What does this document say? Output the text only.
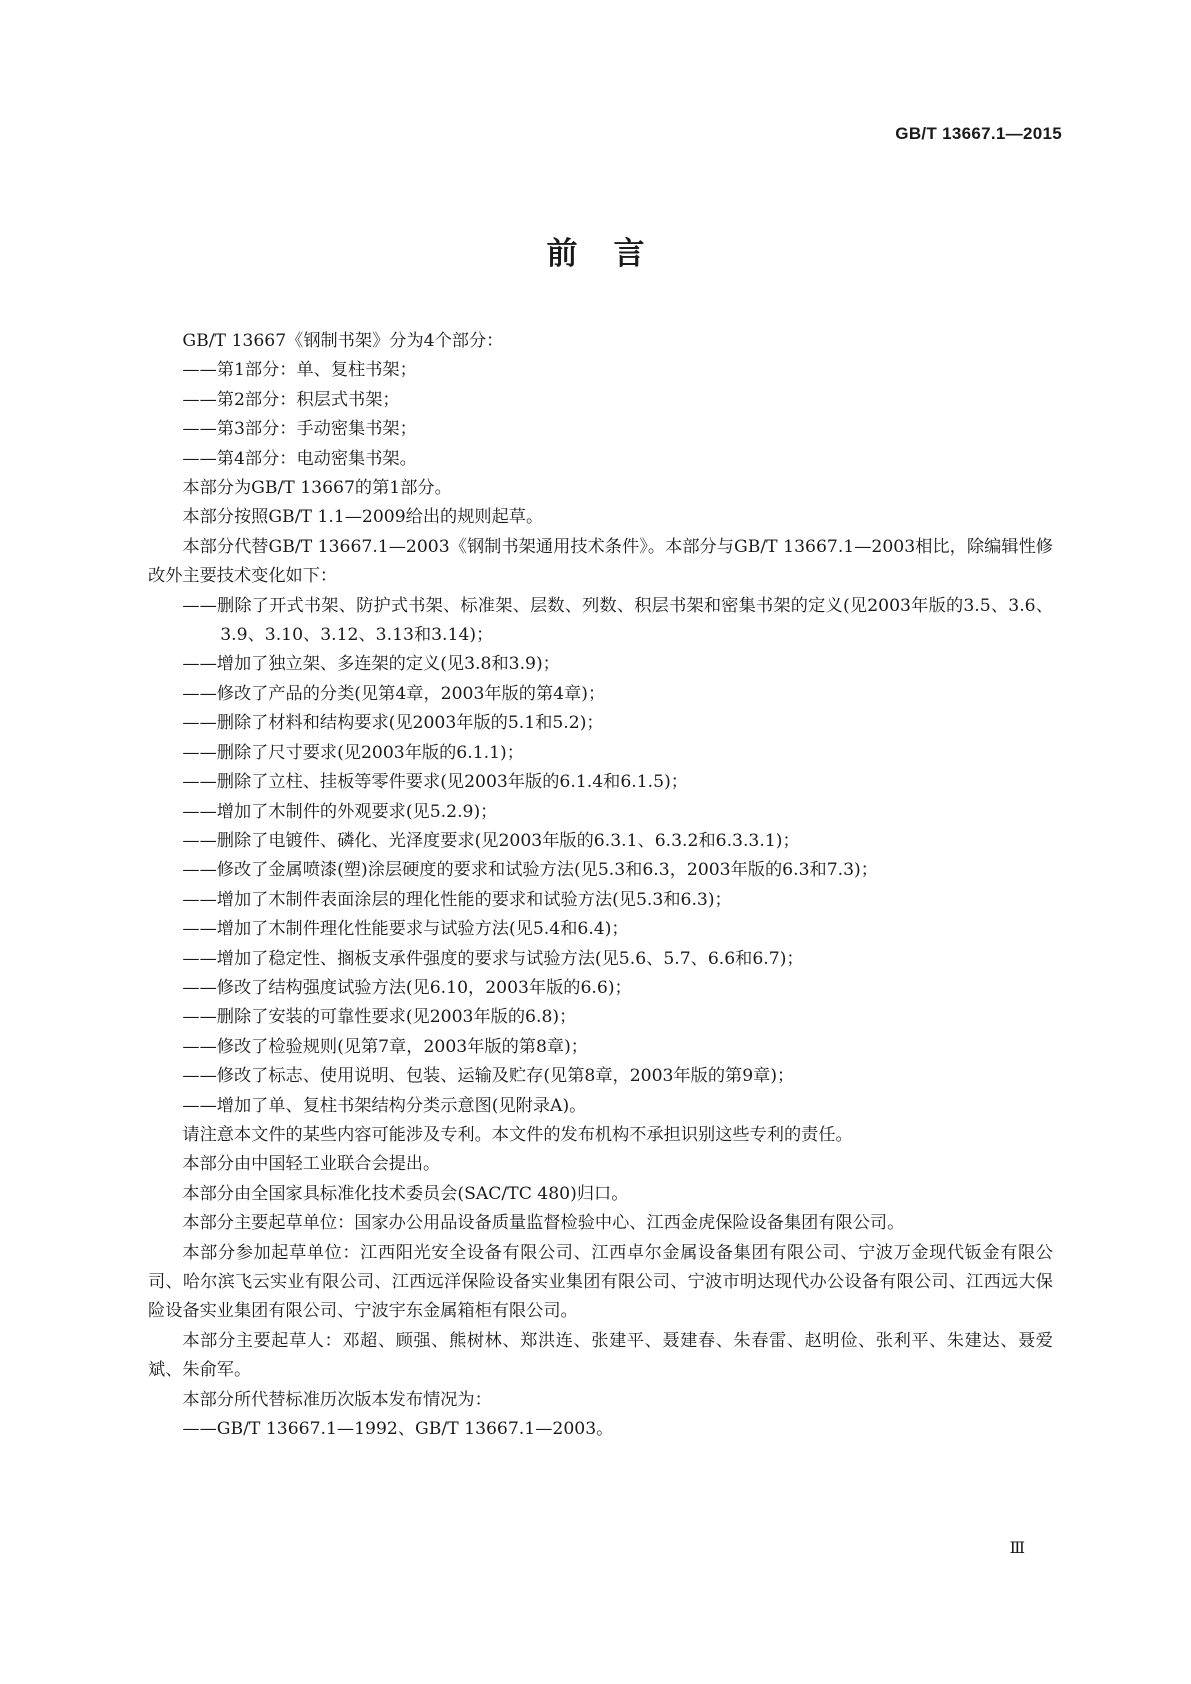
GB/T 13667.1—2015
前言
GB/T 13667《钢制书架》分为4个部分：
——第1部分：单、复柱书架；
——第2部分：积层式书架；
——第3部分：手动密集书架；
——第4部分：电动密集书架。
本部分为GB/T 13667的第1部分。
本部分按照GB/T 1.1—2009给出的规则起草。
本部分代替GB/T 13667.1—2003《钢制书架通用技术条件》。本部分与GB/T 13667.1—2003相比，除编辑性修改外主要技术变化如下：
——删除了开式书架、防护式书架、标准架、层数、列数、积层书架和密集书架的定义(见2003年版的3.5、3.6、3.9、3.10、3.12、3.13和3.14)；
——增加了独立架、多连架的定义(见3.8和3.9)；
——修改了产品的分类(见第4章，2003年版的第4章)；
——删除了材料和结构要求(见2003年版的5.1和5.2)；
——删除了尺寸要求(见2003年版的6.1.1)；
——删除了立柱、挂板等零件要求(见2003年版的6.1.4和6.1.5)；
——增加了木制件的外观要求(见5.2.9)；
——删除了电镀件、磷化、光泽度要求(见2003年版的6.3.1、6.3.2和6.3.3.1)；
——修改了金属喷漆(塑)涂层硬度的要求和试验方法(见5.3和6.3，2003年版的6.3和7.3)；
——增加了木制件表面涂层的理化性能的要求和试验方法(见5.3和6.3)；
——增加了木制件理化性能要求与试验方法(见5.4和6.4)；
——增加了稳定性、搁板支承件强度的要求与试验方法(见5.6、5.7、6.6和6.7)；
——修改了结构强度试验方法(见6.10，2003年版的6.6)；
——删除了安装的可靠性要求(见2003年版的6.8)；
——修改了检验规则(见第7章，2003年版的第8章)；
——修改了标志、使用说明、包装、运输及贮存(见第8章，2003年版的第9章)；
——增加了单、复柱书架结构分类示意图(见附录A)。
请注意本文件的某些内容可能涉及专利。本文件的发布机构不承担识别这些专利的责任。
本部分由中国轻工业联合会提出。
本部分由全国家具标准化技术委员会(SAC/TC 480)归口。
本部分主要起草单位：国家办公用品设备质量监督检验中心、江西金虎保险设备集团有限公司。
本部分参加起草单位：江西阳光安全设备有限公司、江西卓尔金属设备集团有限公司、宁波万金现代钣金有限公司、哈尔滨飞云实业有限公司、江西远洋保险设备实业集团有限公司、宁波市明达现代办公设备有限公司、江西远大保险设备实业集团有限公司、宁波宇东金属箱柜有限公司。
本部分主要起草人：邓超、顾强、熊树林、郑洪连、张建平、聂建春、朱春雷、赵明俭、张利平、朱建达、聂爱斌、朱俞军。
本部分所代替标准历次版本发布情况为：
——GB/T 13667.1—1992、GB/T 13667.1—2003。
Ⅲ
